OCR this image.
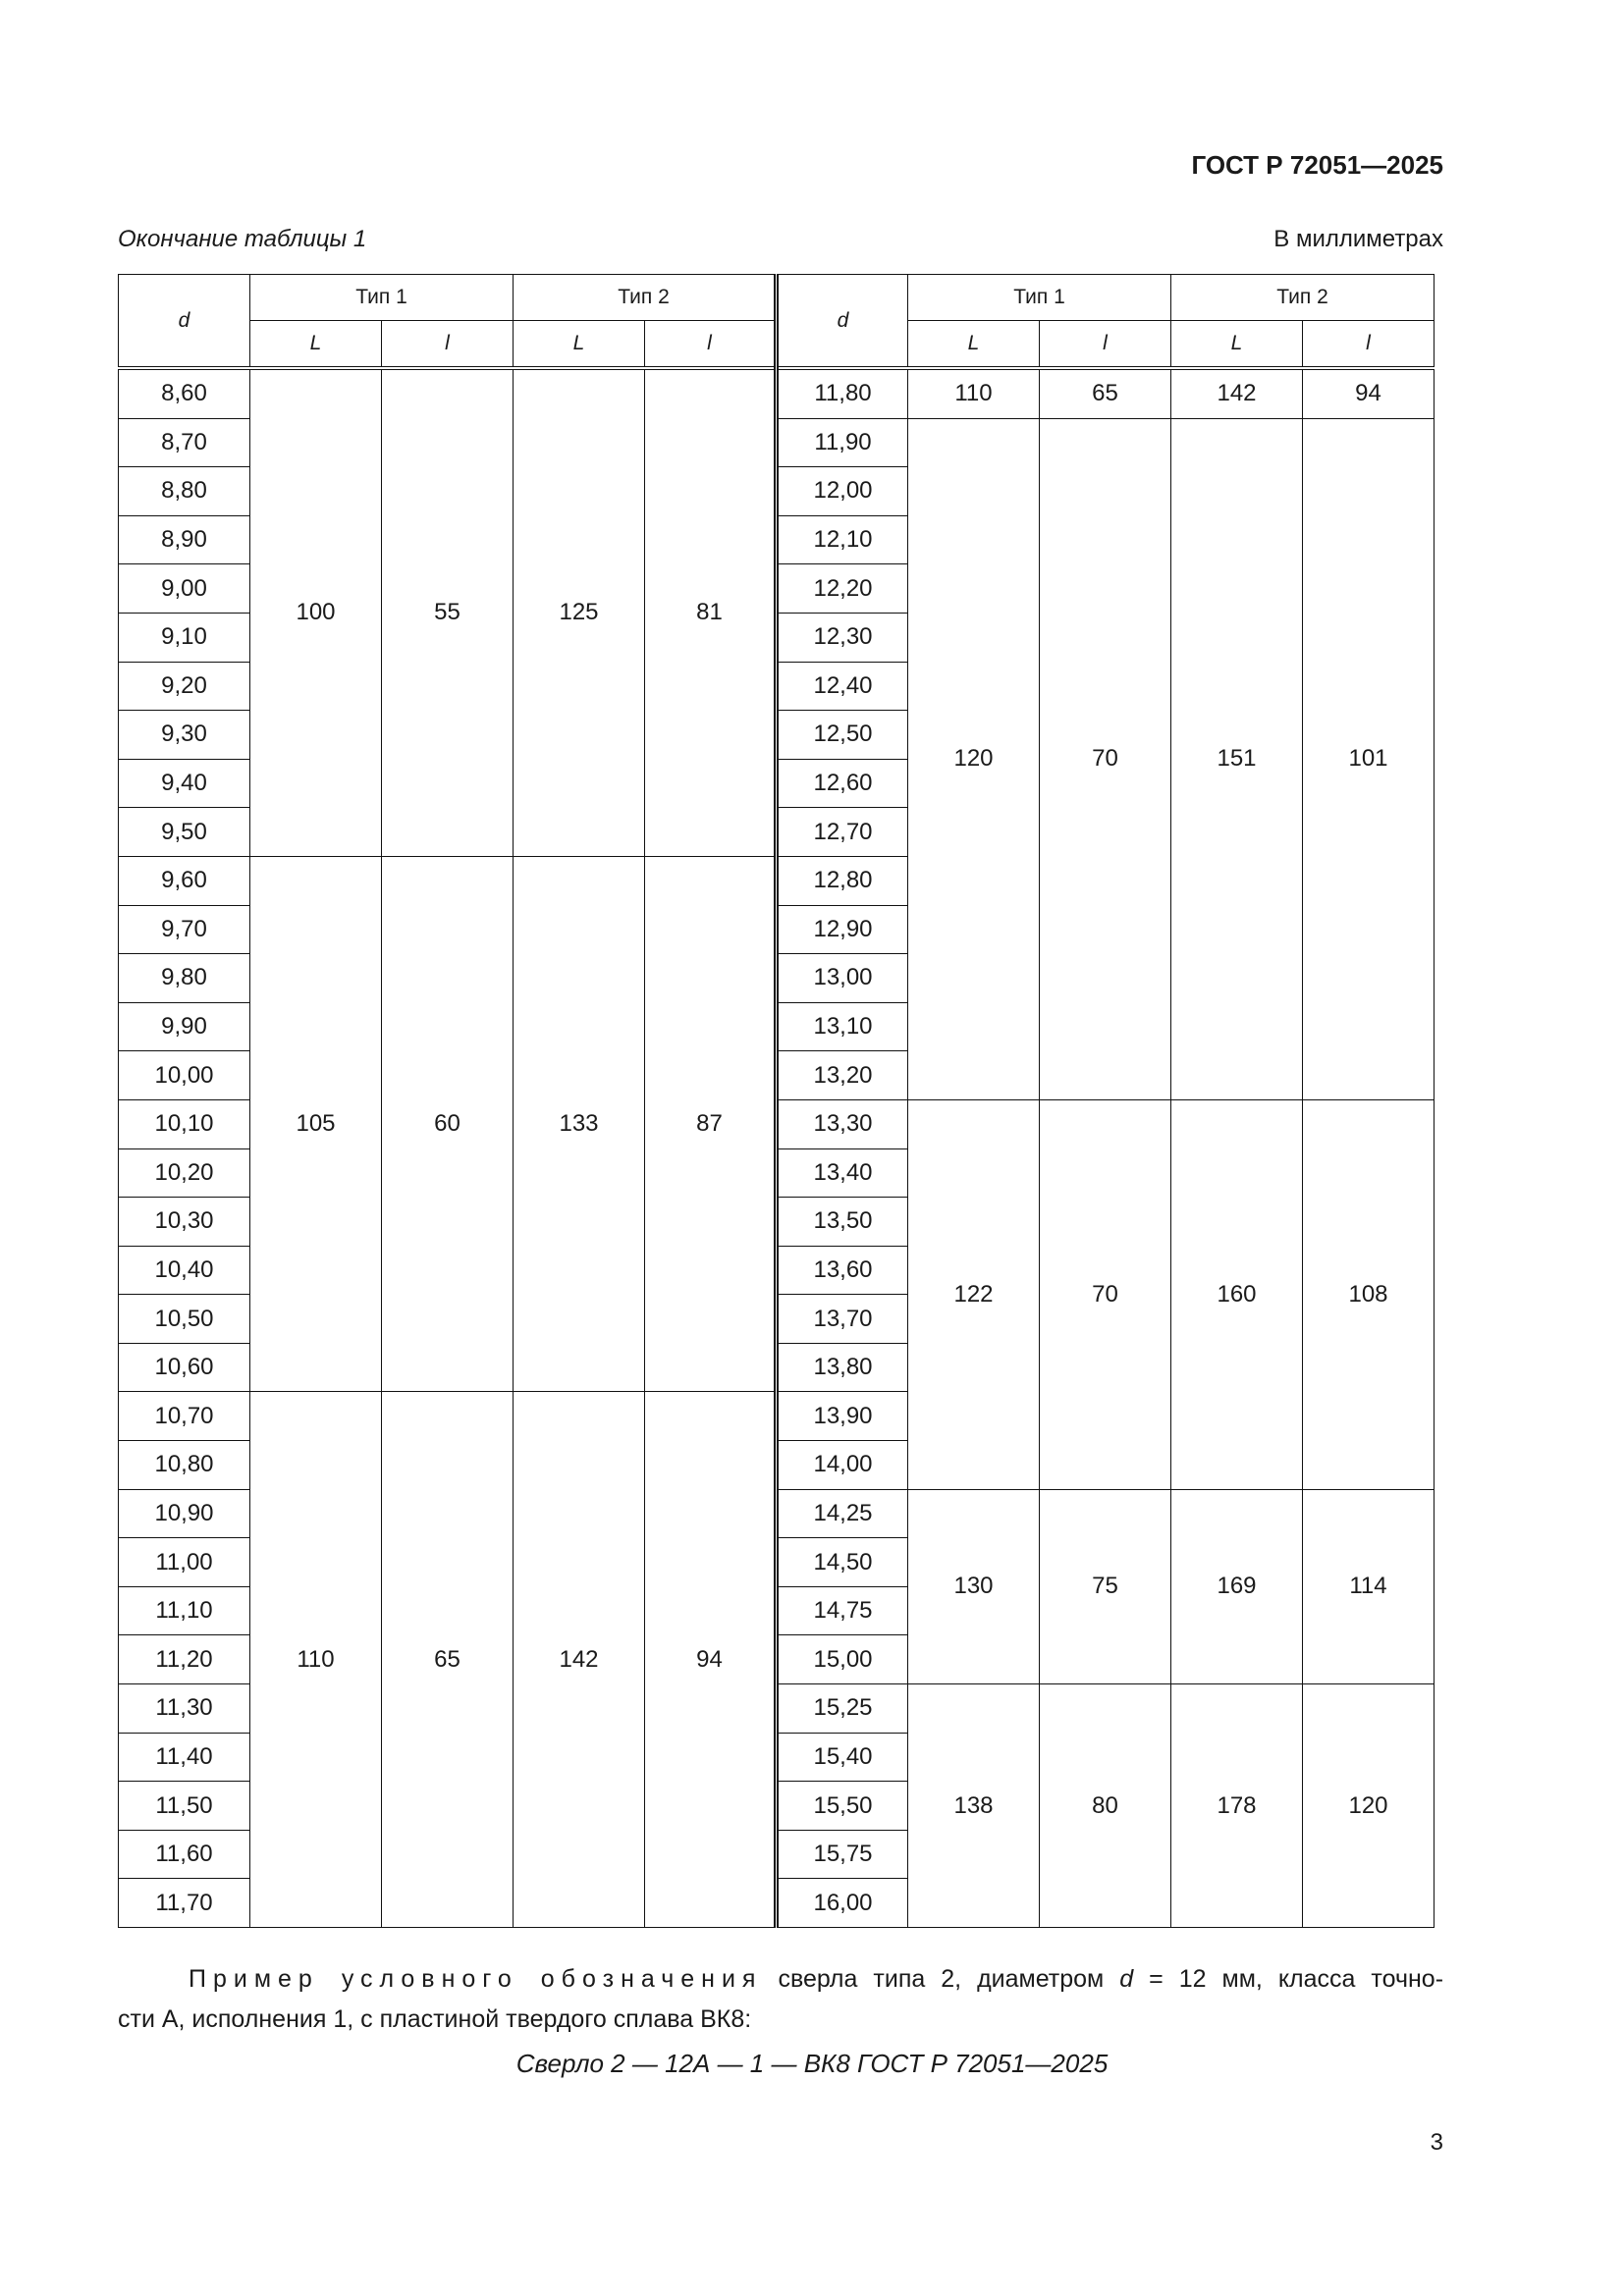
ГОСТ Р 72051—2025
Окончание таблицы 1	В миллиметрах
d	Тип 1		Тип 2		d	Тип 1		Тип 2	
	L	l	L	l		L	l	L	l
8,60	100	55	125	81	11,80	110	65	142	94
8,70					11,90	120	70	151	101
8,80					12,00				
8,90					12,10				
9,00					12,20				
9,10					12,30				
9,20					12,40				
9,30					12,50				
9,40					12,60				
9,50					12,70				
9,60	105	60	133	87	12,80				
9,70					12,90				
9,80					13,00				
9,90					13,10				
10,00					13,20				
10,10					13,30	122	70	160	108
10,20					13,40				
10,30					13,50				
10,40					13,60				
10,50					13,70				
10,60					13,80				
10,70	110	65	142	94	13,90				
10,80					14,00				
10,90					14,25	130	75	169	114
11,00					14,50				
11,10					14,75				
11,20					15,00				
11,30					15,25	138	80	178	120
11,40					15,40				
11,50					15,50				
11,60					15,75				
11,70					16,00				
Пример условного обозначения сверла типа 2, диаметром d = 12 мм, класса точно-
сти А, исполнения 1, с пластиной твердого сплава ВК8:
Сверло 2 — 12А — 1 — ВК8 ГОСТ Р 72051—2025
3
